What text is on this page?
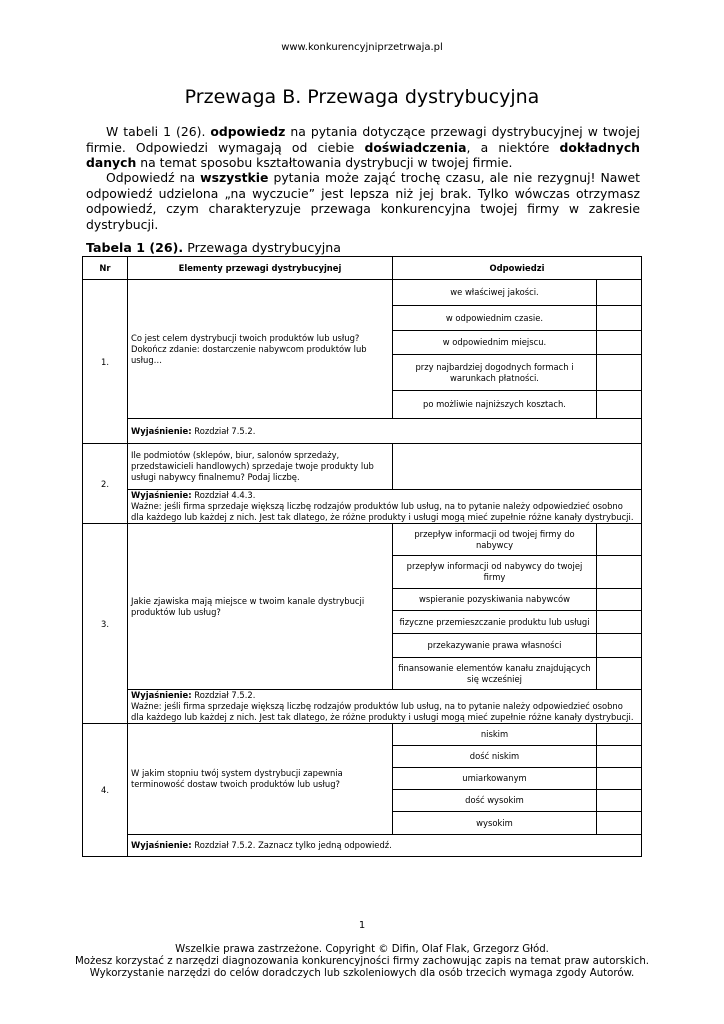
www.konkurencyjniprzetrwaja.pl
Przewaga B. Przewaga dystrybucyjna
W tabeli 1 (26). odpowiedz na pytania dotyczące przewagi dystrybucyjnej w twojej firmie. Odpowiedzi wymagają od ciebie doświadczenia, a niektóre dokładnych danych na temat sposobu kształtowania dystrybucji w twojej firmie.
Odpowiedź na wszystkie pytania może zająć trochę czasu, ale nie rezygnuj! Nawet odpowiedź udzielona „na wyczucie” jest lepsza niż jej brak. Tylko wówczas otrzymasz odpowiedź, czym charakteryzuje przewaga konkurencyjna twojej firmy w zakresie dystrybucji.
Tabela 1 (26). Przewaga dystrybucyjna
Nr	Elementy przewagi dystrybucyjnej	Odpowiedzi	
1.	Co jest celem dystrybucji twoich produktów lub usług? Dokończ zdanie: dostarczenie nabywcom produktów lub usług…	we właściwej jakości.	
		w odpowiednim czasie.	
		w odpowiednim miejscu.	
		przy najbardziej dogodnych formach i warunkach płatności.	
		po możliwie najniższych kosztach.	
	Wyjaśnienie: Rozdział 7.5.2.		
2.	Ile podmiotów (sklepów, biur, salonów sprzedaży, przedstawicieli handlowych) sprzedaje twoje produkty lub usługi nabywcy finalnemu? Podaj liczbę.		
	Wyjaśnienie: Rozdział 4.4.3.
Ważne: jeśli firma sprzedaje większą liczbę rodzajów produktów lub usług, na to pytanie należy odpowiedzieć osobno dla każdego lub każdej z nich. Jest tak dlatego, że różne produkty i usługi mogą mieć zupełnie różne kanały dystrybucji.		
3.	Jakie zjawiska mają miejsce w twoim kanale dystrybucji produktów lub usług?	przepływ informacji od twojej firmy do nabywcy	
		przepływ informacji od nabywcy do twojej firmy	
		wspieranie pozyskiwania nabywców	
		fizyczne przemieszczanie produktu lub usługi	
		przekazywanie prawa własności	
		finansowanie elementów kanału znajdujących się wcześniej	
	Wyjaśnienie: Rozdział 7.5.2.
Ważne: jeśli firma sprzedaje większą liczbę rodzajów produktów lub usług, na to pytanie należy odpowiedzieć osobno dla każdego lub każdej z nich. Jest tak dlatego, że różne produkty i usługi mogą mieć zupełnie różne kanały dystrybucji.		
4.	W jakim stopniu twój system dystrybucji zapewnia terminowość dostaw twoich produktów lub usług?	niskim	
		dość niskim	
		umiarkowanym	
		dość wysokim	
		wysokim	
	Wyjaśnienie: Rozdział 7.5.2. Zaznacz tylko jedną odpowiedź.		
1
Wszelkie prawa zastrzeżone. Copyright © Difin, Olaf Flak, Grzegorz Głód.
Możesz korzystać z narzędzi diagnozowania konkurencyjności firmy zachowując zapis na temat praw autorskich.
Wykorzystanie narzędzi do celów doradczych lub szkoleniowych dla osób trzecich wymaga zgody Autorów.
